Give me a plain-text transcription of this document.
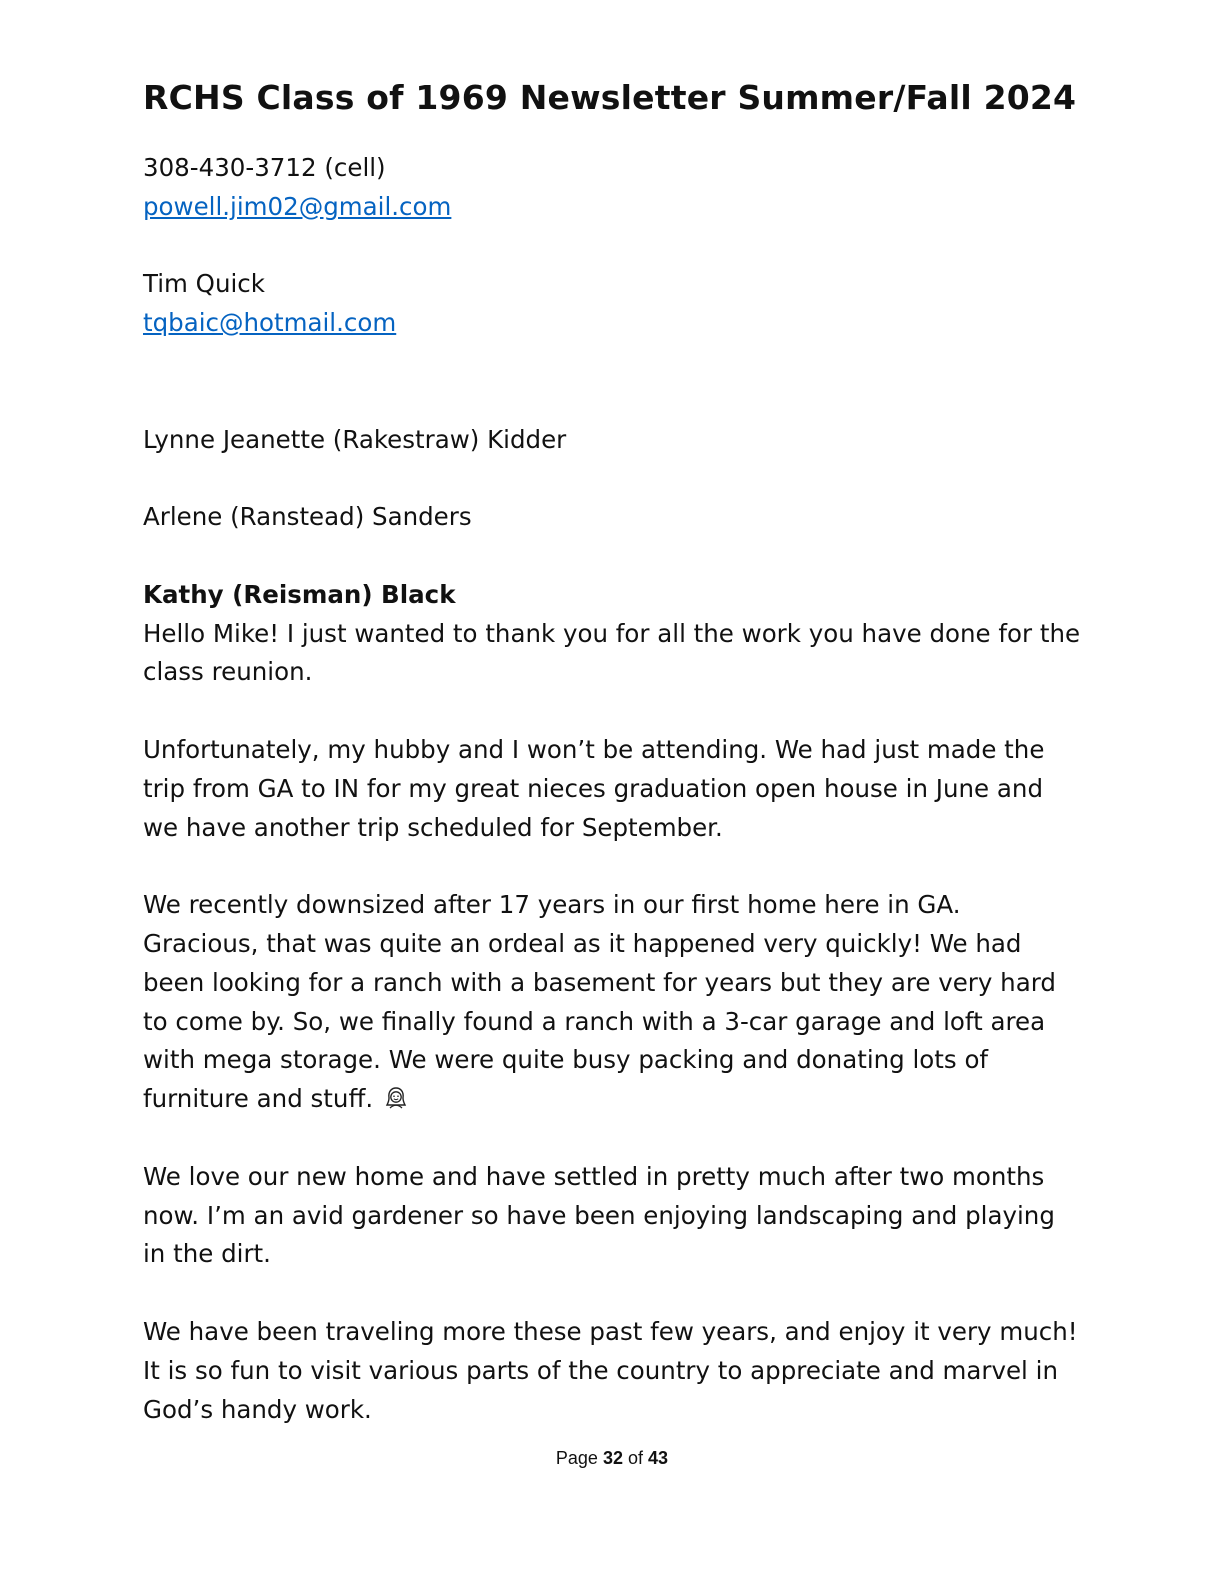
RCHS Class of 1969 Newsletter Summer/Fall 2024

308-430-3712 (cell)

powell.jim02@gmail.com

Tim Quick

tqbaic@hotmail.com

Lynne Jeanette (Rakestraw) Kidder

Arlene (Ranstead) Sanders

Kathy (Reisman) Black

Hello Mike! I just wanted to thank you for all the work you have done for the class reunion.

Unfortunately, my hubby and I won’t be attending. We had just made the trip from GA to IN for my great nieces graduation open house in June and we have another trip scheduled for September.

We recently downsized after 17 years in our first home here in GA. Gracious, that was quite an ordeal as it happened very quickly! We had been looking for a ranch with a basement for years but they are very hard to come by. So, we finally found a ranch with a 3-car garage and loft area with mega storage. We were quite busy packing and donating lots of furniture and stuff.

We love our new home and have settled in pretty much after two months now. I’m an avid gardener so have been enjoying landscaping and playing in the dirt.

We have been traveling more these past few years, and enjoy it very much! It is so fun to visit various parts of the country to appreciate and marvel in God’s handy work.

Page 32 of 43
